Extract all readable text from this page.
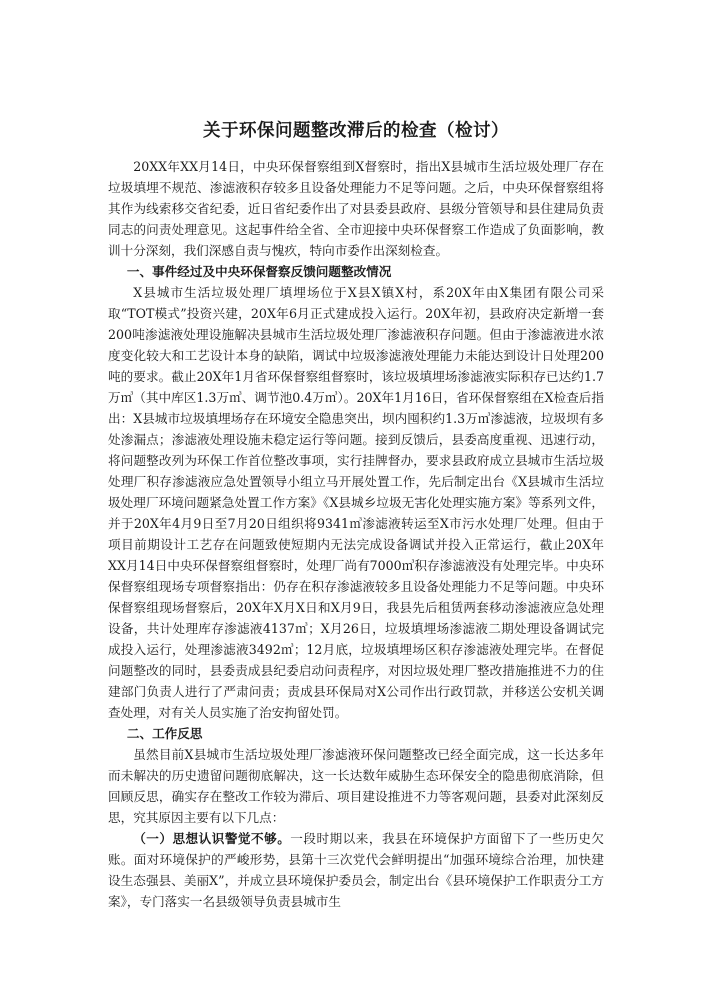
关于环保问题整改滞后的检查（检讨）

20XX年XX月14日，中央环保督察组到X督察时，指出X县城市生活垃圾处理厂存在垃圾填埋不规范、渗滤液积存较多且设备处理能力不足等问题。之后，中央环保督察组将其作为线索移交省纪委，近日省纪委作出了对县委县政府、县级分管领导和县住建局负责同志的问责处理意见。这起事件给全省、全市迎接中央环保督察工作造成了负面影响，教训十分深刻，我们深感自责与愧疚，特向市委作出深刻检查。

一、事件经过及中央环保督察反馈问题整改情况

X县城市生活垃圾处理厂填埋场位于X县X镇X村，系20X年由X集团有限公司采取“TOT模式”投资兴建，20X年6月正式建成投入运行。20X年初，县政府决定新增一套200吨渗滤液处理设施解决县城市生活垃圾处理厂渗滤液积存问题。但由于渗滤液进水浓度变化较大和工艺设计本身的缺陷，调试中垃圾渗滤液处理能力未能达到设计日处理200吨的要求。截止20X年1月省环保督察组督察时，该垃圾填埋场渗滤液实际积存已达约1.7万㎥（其中库区1.3万㎥、调节池0.4万㎥）。20X年1月16日，省环保督察组在X检查后指出：X县城市垃圾填埋场存在环境安全隐患突出，坝内囤积约1.3万㎥渗滤液，垃圾坝有多处渗漏点；渗滤液处理设施未稳定运行等问题。接到反馈后，县委高度重视、迅速行动，将问题整改列为环保工作首位整改事项，实行挂牌督办，要求县政府成立县城市生活垃圾处理厂积存渗滤液应急处置领导小组立马开展处置工作，先后制定出台《X县城市生活垃圾处理厂环境问题紧急处置工作方案》《X县城乡垃圾无害化处理实施方案》等系列文件，并于20X年4月9日至7月20日组织将9341㎥渗滤液转运至X市污水处理厂处理。但由于项目前期设计工艺存在问题致使短期内无法完成设备调试并投入正常运行，截止20X年XX月14日中央环保督察组督察时，处理厂尚有7000㎥积存渗滤液没有处理完毕。中央环保督察组现场专项督察指出：仍存在积存渗滤液较多且设备处理能力不足等问题。中央环保督察组现场督察后，20X年X月X日和X月9日，我县先后租赁两套移动渗滤液应急处理设备，共计处理库存渗滤液4137㎥；X月26日，垃圾填埋场渗滤液二期处理设备调试完成投入运行，处理渗滤液3492㎥；12月底，垃圾填埋场区积存渗滤液处理完毕。在督促问题整改的同时，县委责成县纪委启动问责程序，对因垃圾处理厂整改措施推进不力的住建部门负责人进行了严肃问责；责成县环保局对X公司作出行政罚款，并移送公安机关调查处理，对有关人员实施了治安拘留处罚。

二、工作反思

虽然目前X县城市生活垃圾处理厂渗滤液环保问题整改已经全面完成，这一长达多年而未解决的历史遗留问题彻底解决，这一长达数年威胁生态环保安全的隐患彻底消除，但回顾反思，确实存在整改工作较为滞后、项目建设推进不力等客观问题，县委对此深刻反思，究其原因主要有以下几点：

（一）思想认识警觉不够。一段时期以来，我县在环境保护方面留下了一些历史欠账。面对环境保护的严峻形势，县第十三次党代会鲜明提出“加强环境综合治理，加快建设生态强县、美丽X”，并成立县环境保护委员会，制定出台《县环境保护工作职责分工方案》，专门落实一名县级领导负责县城市生
